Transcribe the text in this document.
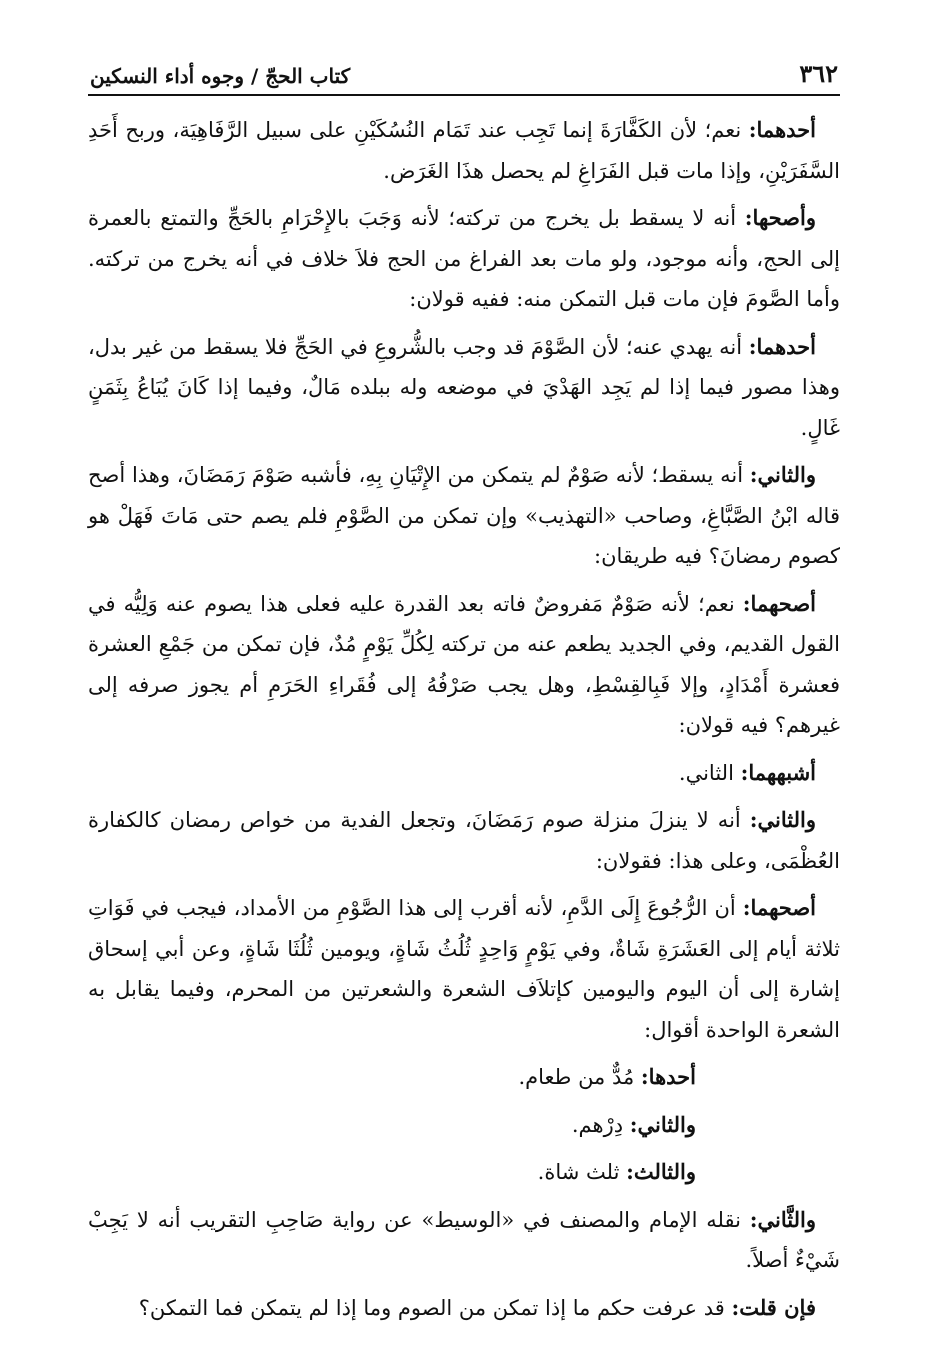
٣٦٢
كتاب الحجّ / وجوه أداء النسكين

أحدهما: نعم؛ لأن الكَفَّارَةَ إنما تَجِب عند تَمَام النُسُكَيْنِ على سبيل الرَّفَاهِيَة، وربح أَحَدِ السَّفَرَيْنِ، وإذا مات قبل الفَرَاغِ لم يحصل هذَا الغَرَض.

وأصحها: أنه لا يسقط بل يخرج من تركته؛ لأنه وَجَبَ بالإِحْرَامِ بالحَجِّ والتمتع بالعمرة إلى الحج، وأنه موجود، ولو مات بعد الفراغ من الحج فلاَ خلاف في أنه يخرج من تركته. وأما الصَّومَ فإن مات قبل التمكن منه: ففيه قولان:

أحدهما: أنه يهدي عنه؛ لأن الصَّوْمَ قد وجب بالشُّروعِ في الحَجِّ فلا يسقط من غير بدل، وهذا مصور فيما إذا لم يَجِد الهَدْيَ في موضعه وله ببلده مَالٌ، وفيما إذا كَانَ يُبَاعُ بِثَمَنٍ غَالٍ.

والثاني: أنه يسقط؛ لأنه صَوْمٌ لم يتمكن من الإِتْيَانِ بِهِ، فأشبه صَوْمَ رَمَضَانَ، وهذا أصح قاله ابْنُ الصَّبَّاغِ، وصاحب «التهذيب» وإن تمكن من الصَّوْمِ فلم يصم حتى مَاتَ فَهَلْ هو كصوم رمضانَ؟ فيه طريقان:

أصحهما: نعم؛ لأنه صَوْمٌ مَفروضٌ فاته بعد القدرة عليه فعلى هذا يصوم عنه وَلِيُّه في القول القديم، وفي الجديد يطعم عنه من تركته لِكُلِّ يَوْمٍ مُدٌ، فإن تمكن من جَمْعِ العشرة فعشرة أَمْدَادٍ، وإلا فَبِالقِسْطِ، وهل يجب صَرْفُهُ إلى فُقَراءِ الحَرَمِ أم يجوز صرفه إلى غيرهم؟ فيه قولان:

أشبههما: الثاني.

والثاني: أنه لا ينزلَ منزلة صوم رَمَضَانَ، وتجعل الفدية من خواص رمضان كالكفارة العُظْمَى، وعلى هذا: فقولان:

أصحهما: أن الرُّجُوعَ إِلَى الدَّمِ، لأنه أقرب إلى هذا الصَّوْمِ من الأمداد، فيجب في فَوَاتِ ثلاثة أيام إلى العَشَرَةِ شَاةٌ، وفي يَوْمٍ وَاحِدٍ ثُلُثُ شَاةٍ، ويومين ثُلُثَا شَاةٍ، وعن أبي إسحاق إشارة إلى أن اليوم واليومين كإتلاَف الشعرة والشعرتين من المحرم، وفيما يقابل به الشعرة الواحدة أقوال:

أحدها: مُدٌّ من طعام.

والثاني: دِرْهم.

والثالث: ثلث شاة.

والثَّاني: نقله الإمام والمصنف في «الوسيط» عن رواية صَاحِبِ التقريب أنه لا يَجِبْ شَيْءٌ أصلاً.

فإن قلت: قد عرفت حكم ما إذا تمكن من الصوم وما إذا لم يتمكن فما التمكن؟
